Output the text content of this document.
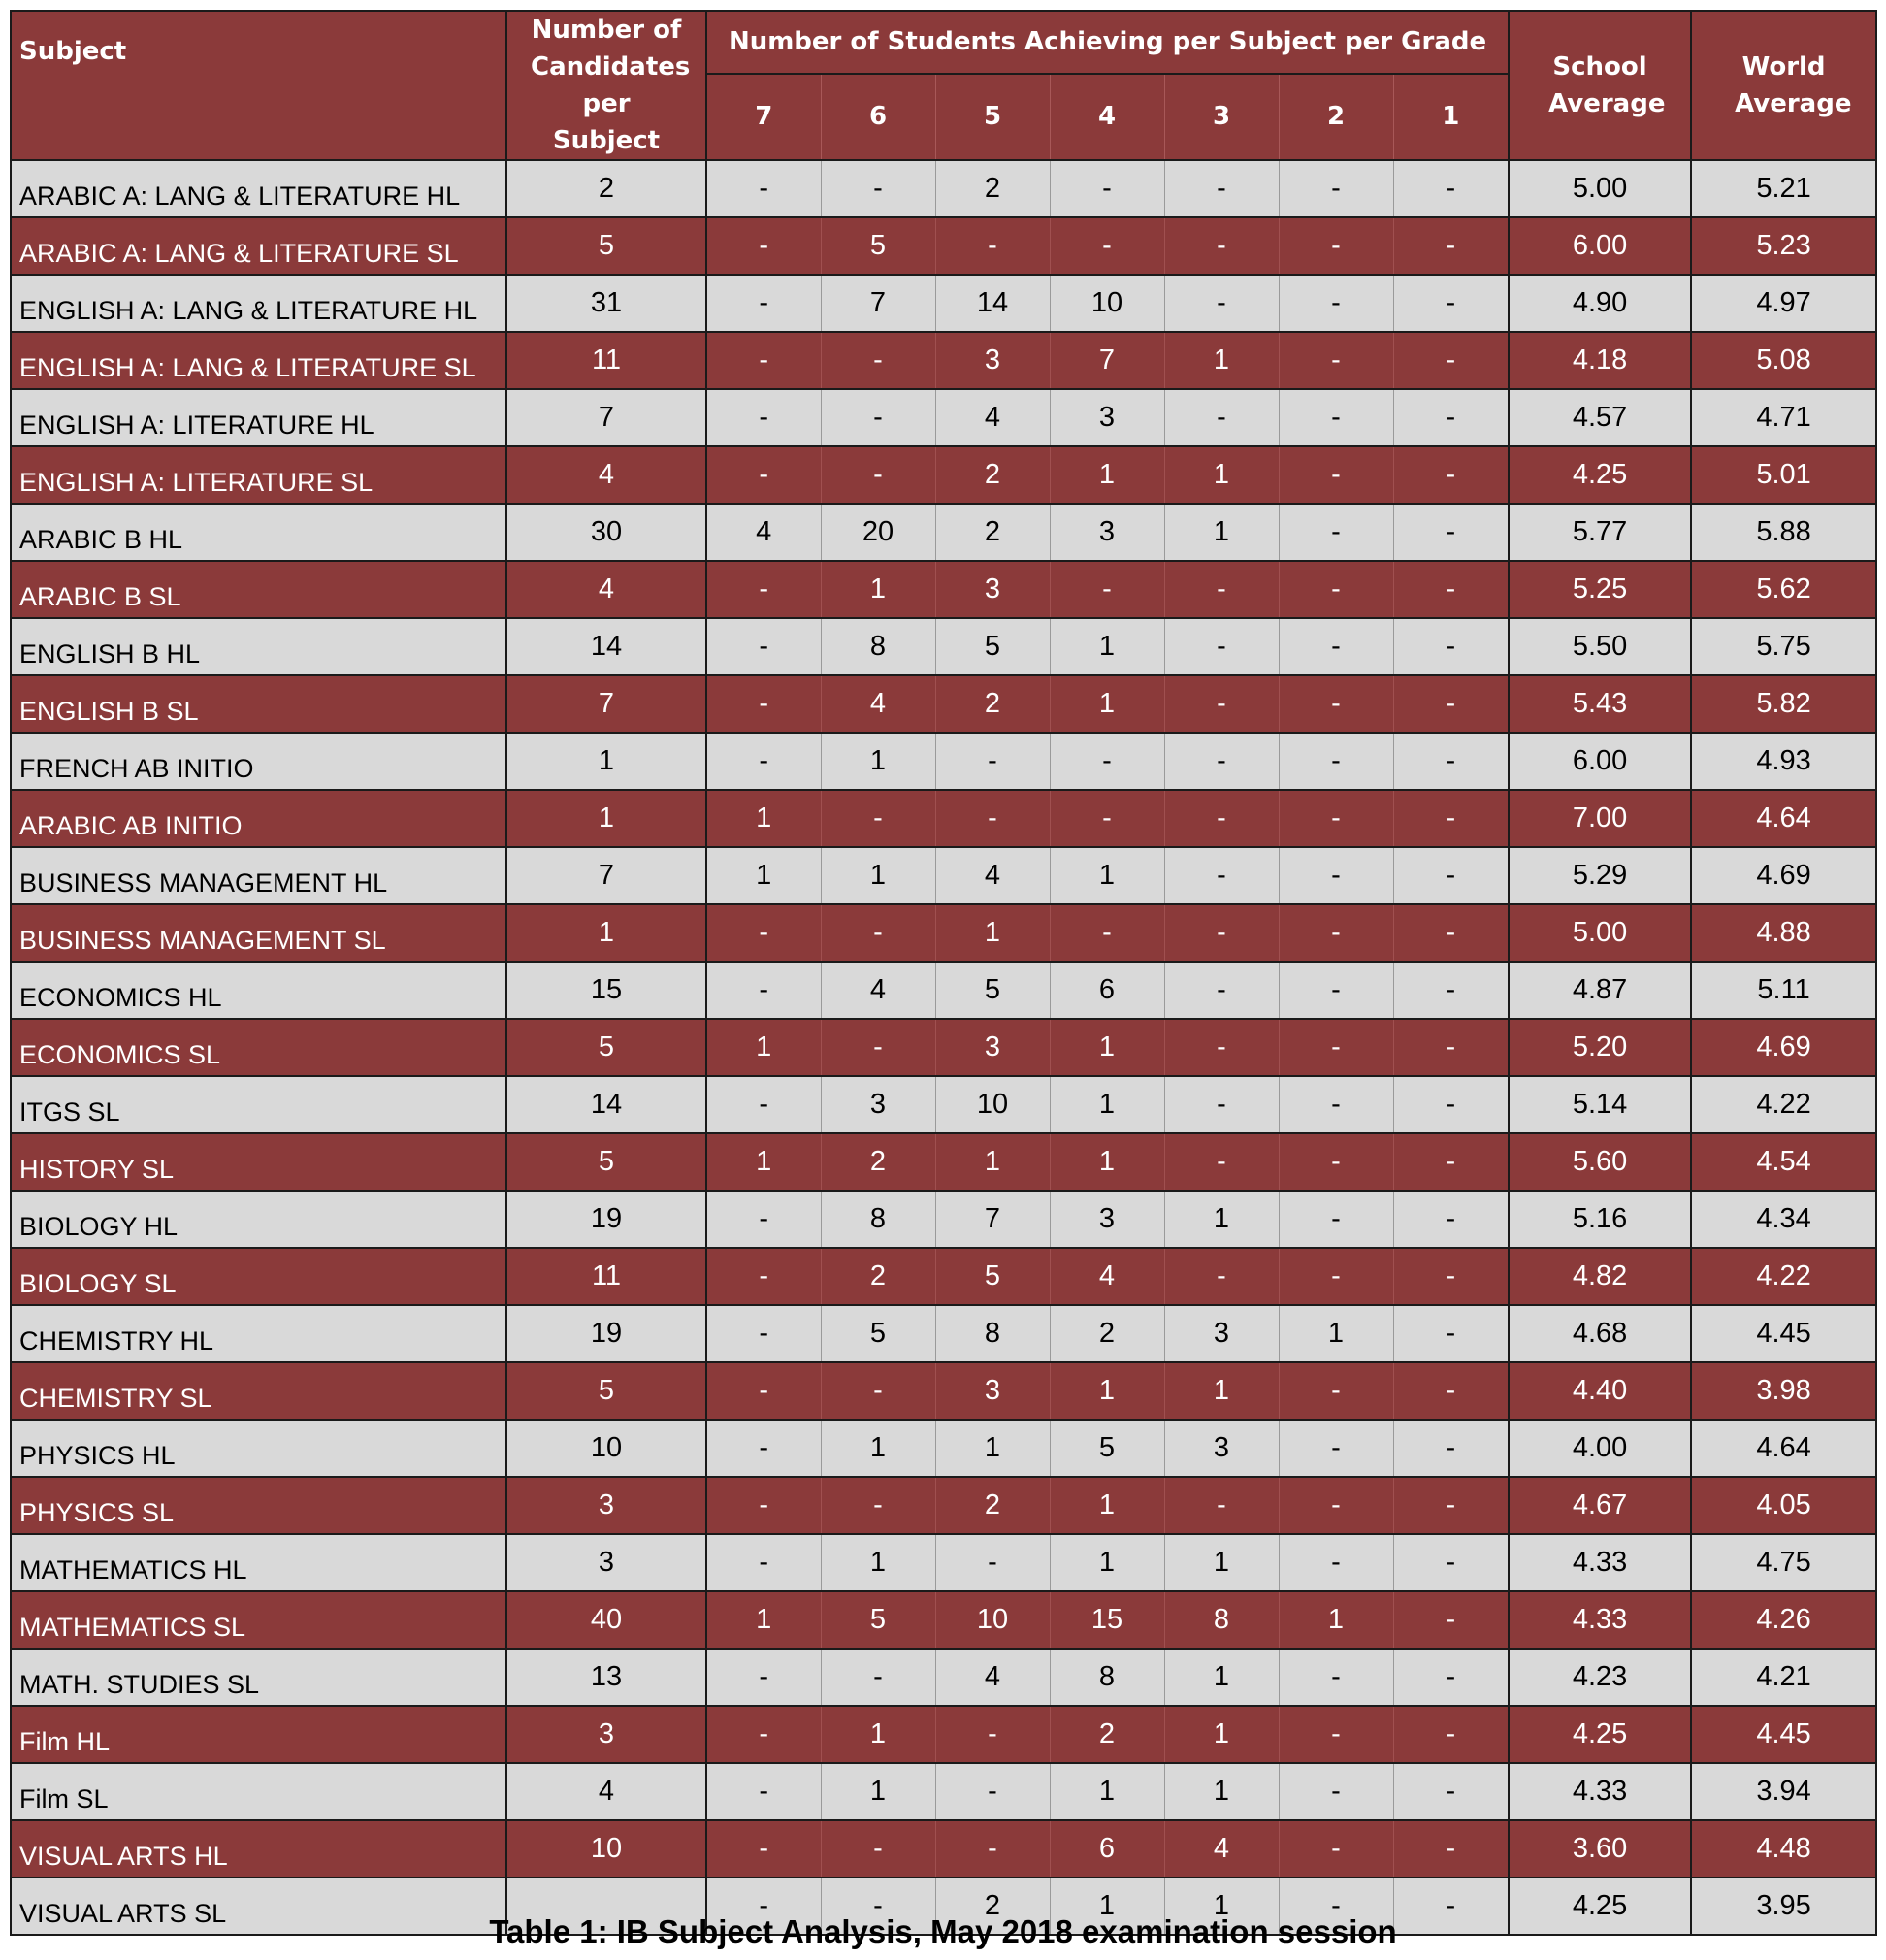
Subject	Number of Candidates per Subject	Number of Students Achieving per Subject per Grade							School Average	World Average
		7	6	5	4	3	2	1		
ARABIC A: LANG & LITERATURE HL	2	-	-	2	-	-	-	-	5.00	5.21
ARABIC A: LANG & LITERATURE SL	5	-	5	-	-	-	-	-	6.00	5.23
ENGLISH A: LANG & LITERATURE HL	31	-	7	14	10	-	-	-	4.90	4.97
ENGLISH A: LANG & LITERATURE SL	11	-	-	3	7	1	-	-	4.18	5.08
ENGLISH A: LITERATURE HL	7	-	-	4	3	-	-	-	4.57	4.71
ENGLISH A: LITERATURE SL	4	-	-	2	1	1	-	-	4.25	5.01
ARABIC B HL	30	4	20	2	3	1	-	-	5.77	5.88
ARABIC B SL	4	-	1	3	-	-	-	-	5.25	5.62
ENGLISH B HL	14	-	8	5	1	-	-	-	5.50	5.75
ENGLISH B SL	7	-	4	2	1	-	-	-	5.43	5.82
FRENCH AB INITIO	1	-	1	-	-	-	-	-	6.00	4.93
ARABIC AB INITIO	1	1	-	-	-	-	-	-	7.00	4.64
BUSINESS MANAGEMENT HL	7	1	1	4	1	-	-	-	5.29	4.69
BUSINESS MANAGEMENT SL	1	-	-	1	-	-	-	-	5.00	4.88
ECONOMICS HL	15	-	4	5	6	-	-	-	4.87	5.11
ECONOMICS SL	5	1	-	3	1	-	-	-	5.20	4.69
ITGS SL	14	-	3	10	1	-	-	-	5.14	4.22
HISTORY SL	5	1	2	1	1	-	-	-	5.60	4.54
BIOLOGY HL	19	-	8	7	3	1	-	-	5.16	4.34
BIOLOGY SL	11	-	2	5	4	-	-	-	4.82	4.22
CHEMISTRY HL	19	-	5	8	2	3	1	-	4.68	4.45
CHEMISTRY SL	5	-	-	3	1	1	-	-	4.40	3.98
PHYSICS HL	10	-	1	1	5	3	-	-	4.00	4.64
PHYSICS SL	3	-	-	2	1	-	-	-	4.67	4.05
MATHEMATICS HL	3	-	1	-	1	1	-	-	4.33	4.75
MATHEMATICS SL	40	1	5	10	15	8	1	-	4.33	4.26
MATH. STUDIES SL	13	-	-	4	8	1	-	-	4.23	4.21
Film HL	3	-	1	-	2	1	-	-	4.25	4.45
Film SL	4	-	1	-	1	1	-	-	4.33	3.94
VISUAL ARTS HL	10	-	-	-	6	4	-	-	3.60	4.48
VISUAL ARTS SL		-	-	2	1	1	-	-	4.25	3.95
Table 1: IB Subject Analysis, May 2018 examination session
